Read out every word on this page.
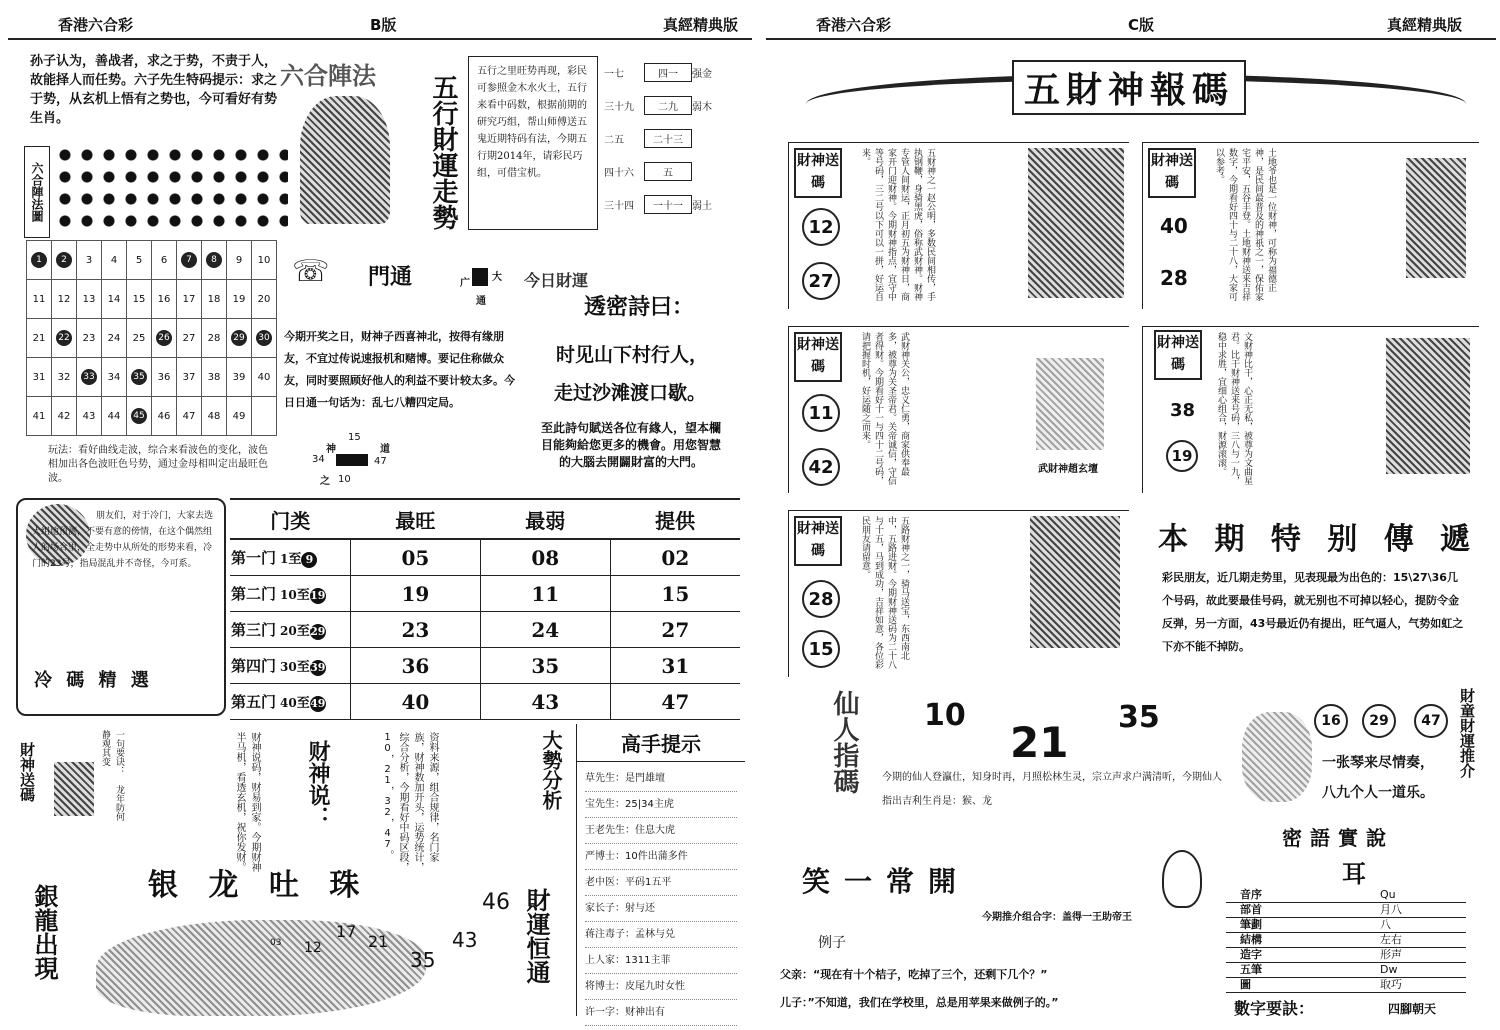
香港六合彩	B版	真經精典版
孙子认为，善战者，求之于势，不责于人，故能择人而任势。六子先生特码提示：求之于势，从玄机上悟有之势也，今可看好有势生肖。
六合陣法
六合陣法圖	五行財運走勢
五行之里旺势再现，彩民可参照金木水火土，五行来看中码数，根据前期的研究巧组，帮山师傅送五鬼近期特码有法，今期五行期2014年，请彩民巧组，可借宝机。
一七	四一	强金
三十九	二九	弱木
二五	二十三
四十六	五
三十四	一十一 弱土
1	2	3	4	5	6	7	8	9	10
11	12	13	14	15	16	17	18	19	20
21	22	23	24	25	26	27	28	29	30
31	32	33	34	35	36	37	38	39	40
41	42	43	44	45	46	47	48	49	
玩法：看好曲线走波，综合来看波色的变化，波色相加出各色波旺色号势，通过金母相叫定出最旺色波。
☏ 門通	广
大
通
今日財運
透密詩曰：
今期开奖之日，财神子西喜神北，按得有缘朋友，不宜过传说速报机和赌博。要记住称做众友，同时要照顾好他人的利益不要计较太多。今日日通一句话为：乱七八糟四定局。
时见山下村行人，
走过沙滩渡口歇。
至此詩句賦送各位有緣人，望本欄目能夠給您更多的機會。用您智慧的大腦去開闢財富的大門。
神
15
道
34	47
之 10
朋友们，对于冷门，大家去选大组地预测，不要有意的傍情，在这个偶然组人的场合里，全走势中从所处的形势来看，冷门的23号，指局混乱并不奇怪，今可系。
冷 碼 精 選
门类	最旺	最弱	提供
第一门 1至 9	05	08	02
第二门 10至19	19	11	15
第三门 20至29	23	24	27
第四门 30至39	36	35	31
第五门 40至49	40	43	47
財神送碼	一句要诀： 龙年防何 静观其变	财神说码，财易到家。今期财神半马机，看透玄机，祝你发财。	财神说：	资料来源，组合规律，名门家族，财神数加开头，运势统计，综合分析，今期看好中码区段，10，21，32，47。	大勢分析	高手提示
草先生：是門雄壇
宝先生：25|34主虎
王老先生：住息大虎
严博士：10件出蒲多件
老中医：平码1五平
家长子：射与还
蒋注毒子：孟林与兑
上人家：1311主菲
将博士：皮尾九时女性
许一字：财神出有
银 龙 吐 珠
銀龍出現	財運恒通
46
17
21
12	43
35
03
香港六合彩	C版	真經精典版
五財神報碼
財神送碼
12
27	五财神之一赵公明，多数民间相传，手执钢鞭，身骑黑虎，俗称武财神。财神专管人间财运，正月初五为财神日，商家开门迎财神。今期财神指点，宜守中等号码，三二号以下可以一拼，好运自来。	財神送碼
40
28	土地爷也是一位财神，可称为福德正神，是民间最普及的神祇之一，保佑家宅平安，五谷丰登。土地财神送来吉祥数字，今期看好四十与二十八，大家可以参考。
財神送碼
11
42	武财神关公，忠义仁勇，商家供奉最多，被尊为关圣帝君。关帝诚信，守信者得财。今期看好十一与四十二号码，请把握时机，好运随之而来。
武財神趙玄壇
財神送碼
38
19	文财神比干，心正无私，被尊为文曲星君。比干财神送来号码，三八与一九，稳中求胜，宜细心组合，财源滚滚。
財神送碼
28
15	五路财神之一，骑马送宝，东西南北中，五路进财。今期财神送码为二十八与十五，马到成功，吉祥如意，各位彩民朋友请留意。	本 期 特 别 傳 遞
彩民朋友，近几期走势里，见表现最为出色的：15\27\36几个号码，故此要最佳号码，就无别也不可掉以轻心，提防令金反弹，另一方面，43号最近仍有提出，旺气逼人，气势如虹之下亦不能不掉防。
仙人指碼 10
21
35
今期的仙人登瀛仕，知身时再，月照松林生灵，宗立声求户满清听，今期仙人指出吉利生肖是：猴、龙
16	29	47	財童財運推介
一张琴来尽情奏，
八九个人一道乐。
笑一常開
今期推介组合字：盖得一王助帝王
例子
父亲：“现在有十个桔子，吃掉了三个，还剩下几个？”
儿子：”不知道，我们在学校里，总是用苹果来做例子的。”
密語實說
耳
音序	Qu
部首	月八
筆劃	八
結構	左右
造字	形声
五筆	Dw
圖	取巧
數字要訣：	四腳朝天
